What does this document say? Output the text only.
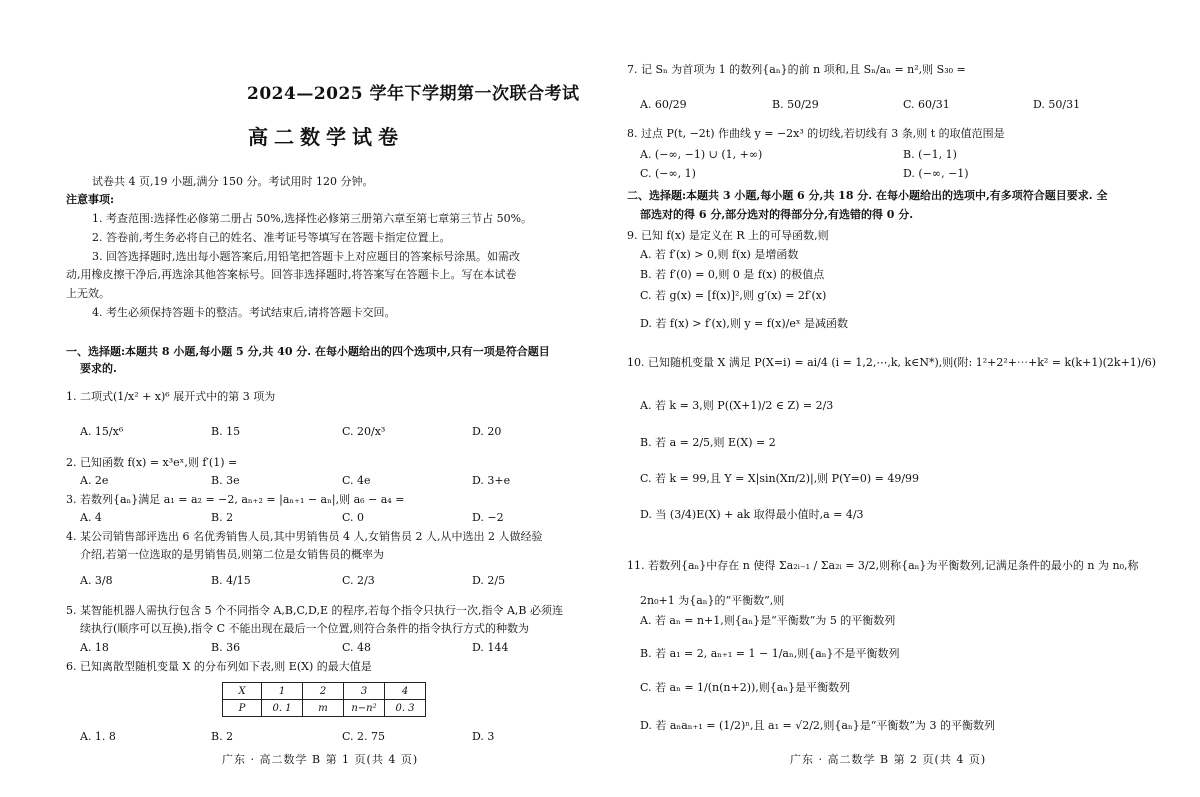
2024—2025 学年下学期第一次联合考试
高二数学试卷
试卷共 4 页,19 小题,满分 150 分。考试用时 120 分钟。
注意事项:
1. 考查范围:选择性必修第二册占 50%,选择性必修第三册第六章至第七章第三节占 50%。
2. 答卷前,考生务必将自己的姓名、准考证号等填写在答题卡指定位置上。
3. 回答选择题时,选出每小题答案后,用铅笔把答题卡上对应题目的答案标号涂黑。如需改
动,用橡皮擦干净后,再选涂其他答案标号。回答非选择题时,将答案写在答题卡上。写在本试卷
上无效。
4. 考生必须保持答题卡的整洁。考试结束后,请将答题卡交回。
一、选择题:本题共 8 小题,每小题 5 分,共 40 分. 在每小题给出的四个选项中,只有一项是符合题目
要求的.
1. 二项式(1/x² + x)⁶ 展开式中的第 3 项为
A. 15/x⁶	B. 15	C. 20/x³	D. 20
2. 已知函数 f(x) = x³eˣ,则 f′(1) =
A. 2e	B. 3e	C. 4e	D. 3+e
3. 若数列{aₙ}满足 a₁ = a₂ = −2, aₙ₊₂ = |aₙ₊₁ − aₙ|,则 a₆ − a₄ =
A. 4	B. 2	C. 0	D. −2
4. 某公司销售部评选出 6 名优秀销售人员,其中男销售员 4 人,女销售员 2 人,从中选出 2 人做经验
介绍,若第一位选取的是男销售员,则第二位是女销售员的概率为
A. 3/8	B. 4/15	C. 2/3	D. 2/5
5. 某智能机器人需执行包含 5 个不同指令 A,B,C,D,E 的程序,若每个指令只执行一次,指令 A,B 必须连
续执行(顺序可以互换),指令 C 不能出现在最后一个位置,则符合条件的指令执行方式的种数为
A. 18	B. 36	C. 48	D. 144
6. 已知离散型随机变量 X 的分布列如下表,则 E(X) 的最大值是
X	1	2	3	4
P	0. 1	m	n−n²	0. 3
A. 1. 8	B. 2	C. 2. 75	D. 3
广东 · 高二数学 B 第 1 页(共 4 页)
7. 记 Sₙ 为首项为 1 的数列{aₙ}的前 n 项和,且 Sₙ/aₙ = n²,则 S₃₀ =
A. 60/29	B. 50/29	C. 60/31	D. 50/31
8. 过点 P(t, −2t) 作曲线 y = −2x³ 的切线,若切线有 3 条,则 t 的取值范围是
A. (−∞, −1) ∪ (1, +∞)	B. (−1, 1)
C. (−∞, 1)	D. (−∞, −1)
二、选择题:本题共 3 小题,每小题 6 分,共 18 分. 在每小题给出的选项中,有多项符合题目要求. 全
部选对的得 6 分,部分选对的得部分分,有选错的得 0 分.
9. 已知 f(x) 是定义在 R 上的可导函数,则
A. 若 f′(x) > 0,则 f(x) 是增函数
B. 若 f′(0) = 0,则 0 是 f(x) 的极值点
C. 若 g(x) = [f(x)]²,则 g′(x) = 2f′(x)
D. 若 f(x) > f′(x),则 y = f(x)/eˣ 是减函数
10. 已知随机变量 X 满足 P(X=i) = ai/4 (i = 1,2,⋯,k, k∈N*),则(附: 1²+2²+⋯+k² = k(k+1)(2k+1)/6)
A. 若 k = 3,则 P((X+1)/2 ∈ Z) = 2/3
B. 若 a = 2/5,则 E(X) = 2
C. 若 k = 99,且 Y = X|sin(Xπ/2)|,则 P(Y=0) = 49/99
D. 当 (3/4)E(X) + ak 取得最小值时,a = 4/3
11. 若数列{aₙ}中存在 n 使得 Σa₂ᵢ₋₁ / Σa₂ᵢ = 3/2,则称{aₙ}为平衡数列,记满足条件的最小的 n 为 n₀,称
2n₀+1 为{aₙ}的“平衡数”,则
A. 若 aₙ = n+1,则{aₙ}是“平衡数”为 5 的平衡数列
B. 若 a₁ = 2, aₙ₊₁ = 1 − 1/aₙ,则{aₙ}不是平衡数列
C. 若 aₙ = 1/(n(n+2)),则{aₙ}是平衡数列
D. 若 aₙaₙ₊₁ = (1/2)ⁿ,且 a₁ = √2/2,则{aₙ}是“平衡数”为 3 的平衡数列
广东 · 高二数学 B 第 2 页(共 4 页)
